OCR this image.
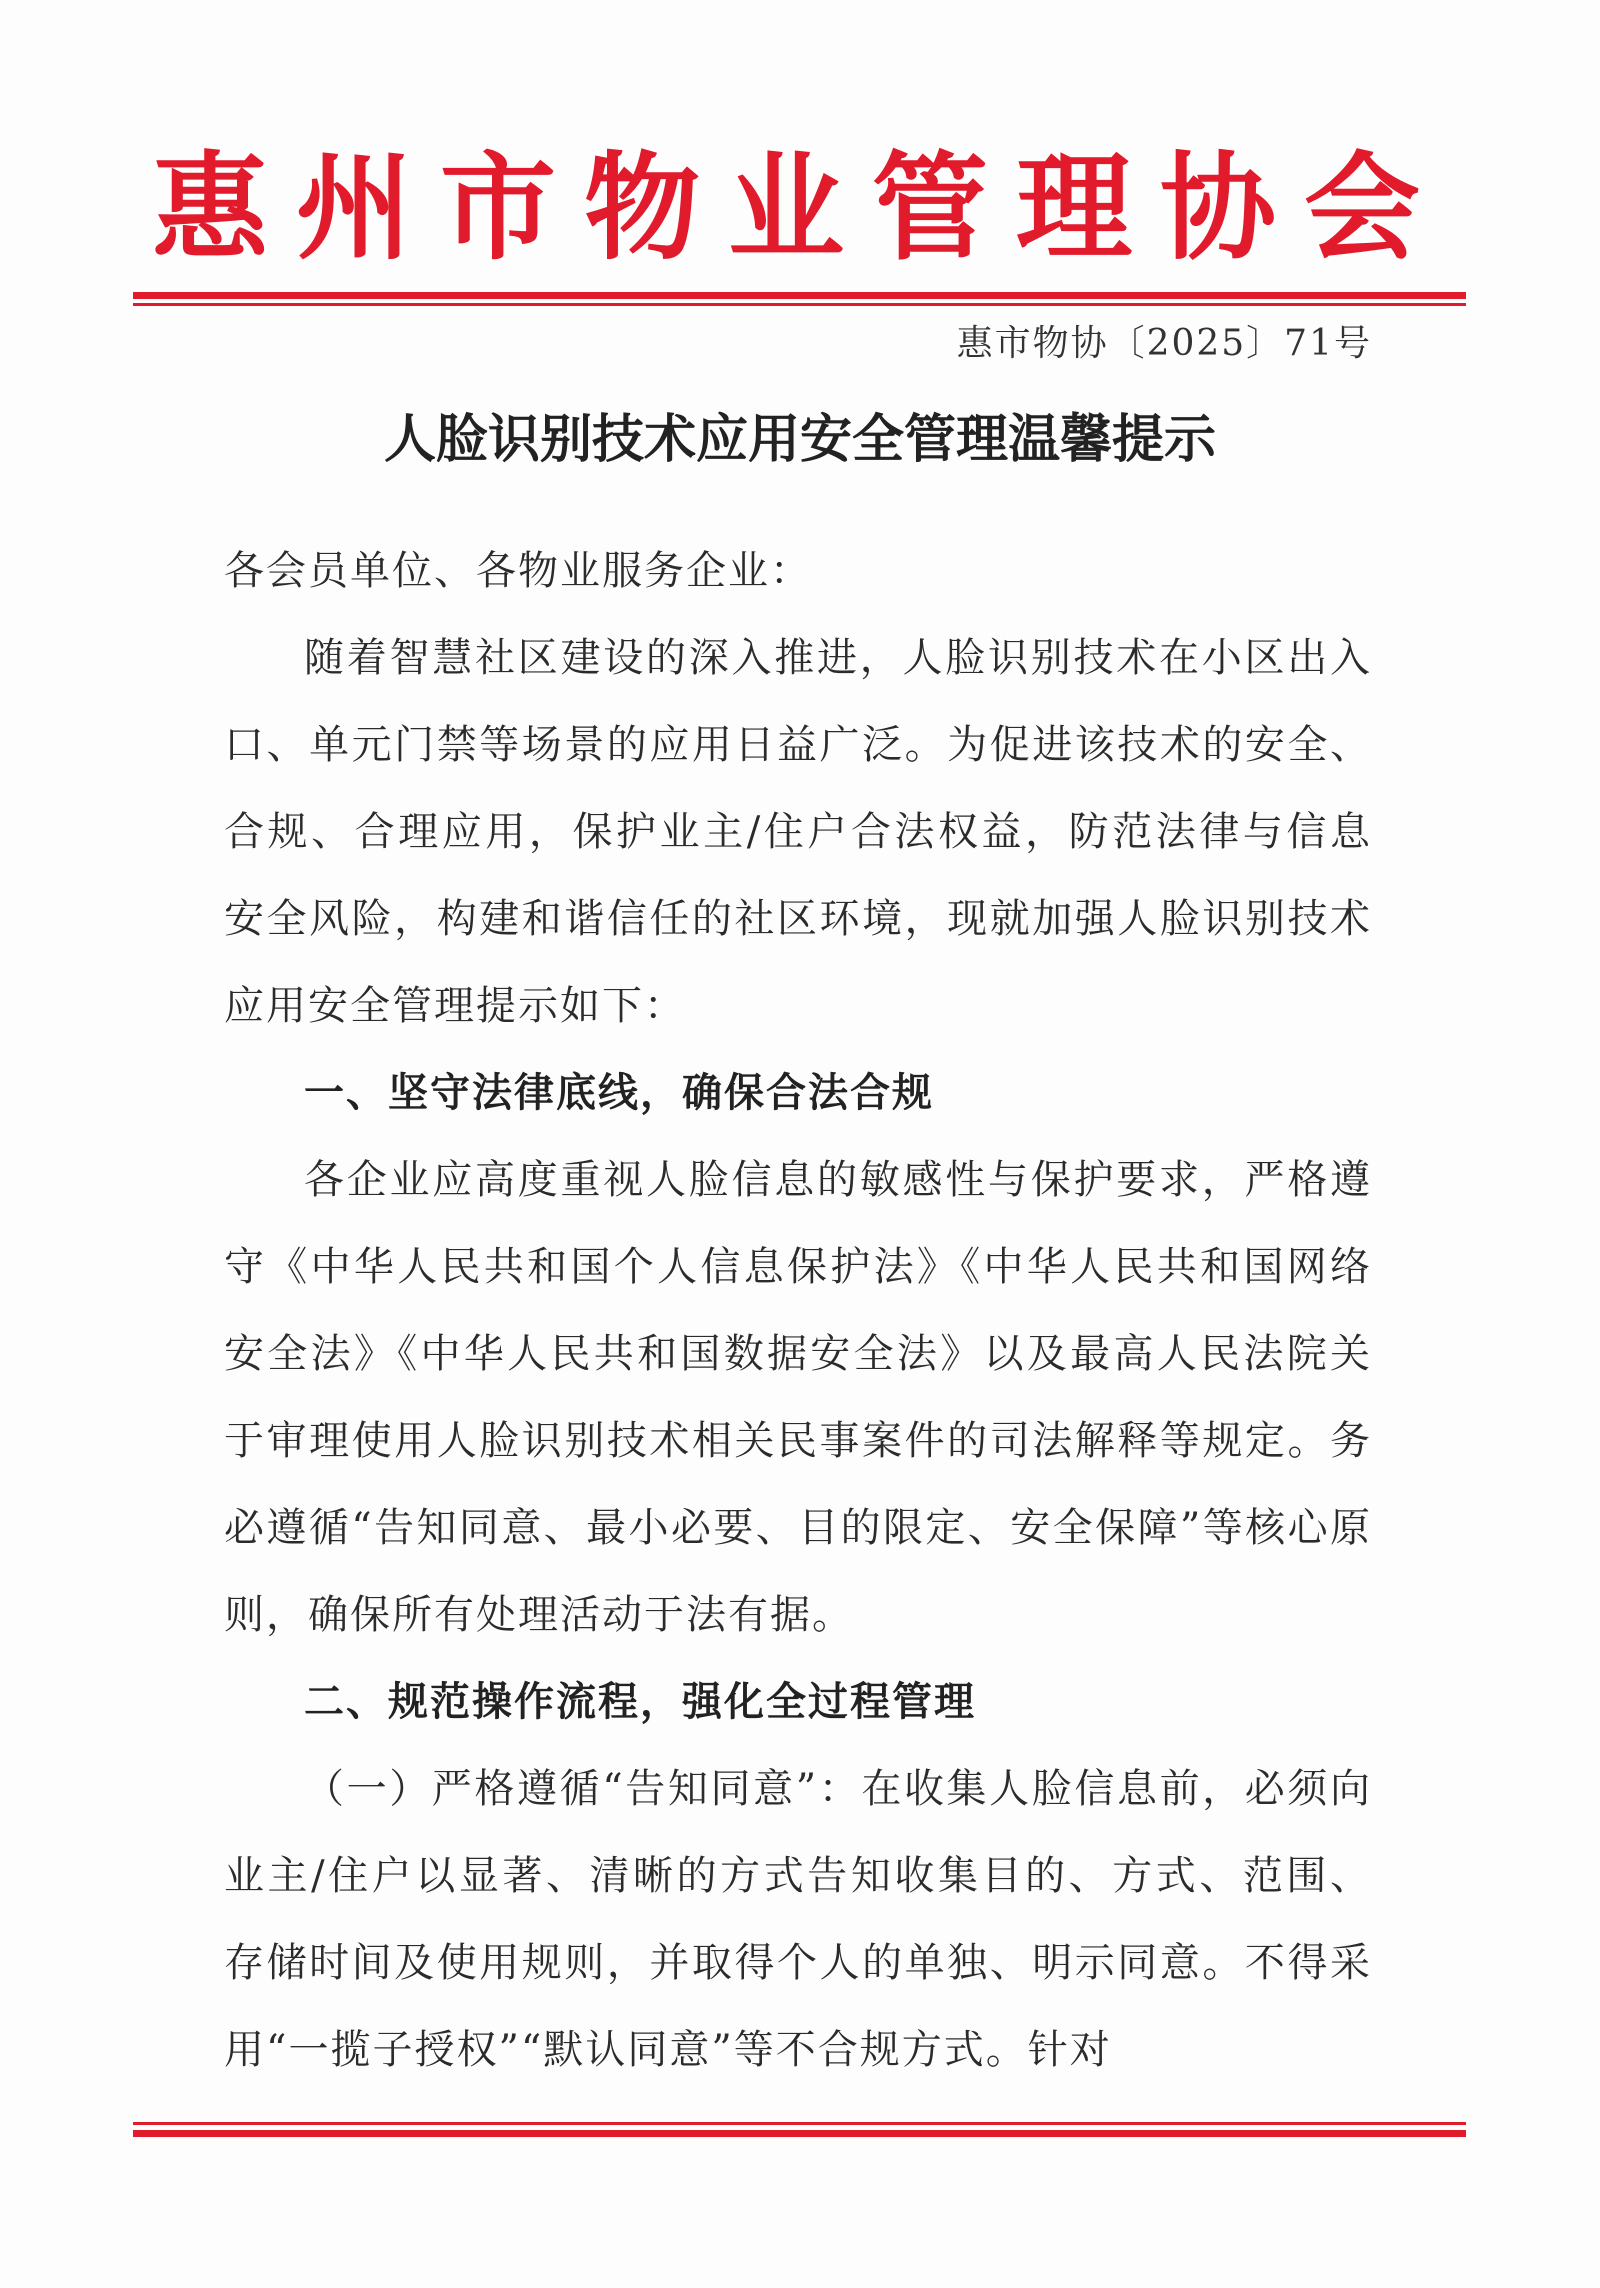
惠州市物业管理协会
惠市物协〔2025〕71号
人脸识别技术应用安全管理温馨提示

各会员单位、各物业服务企业：

随着智慧社区建设的深入推进，人脸识别技术在小区出入口、单元门禁等场景的应用日益广泛。为促进该技术的安全、合规、合理应用，保护业主/住户合法权益，防范法律与信息安全风险，构建和谐信任的社区环境，现就加强人脸识别技术应用安全管理提示如下：

一、坚守法律底线，确保合法合规

各企业应高度重视人脸信息的敏感性与保护要求，严格遵守《中华人民共和国个人信息保护法》《中华人民共和国网络安全法》《中华人民共和国数据安全法》以及最高人民法院关于审理使用人脸识别技术相关民事案件的司法解释等规定。务必遵循“告知同意、最小必要、目的限定、安全保障”等核心原则，确保所有处理活动于法有据。

二、规范操作流程，强化全过程管理

（一）严格遵循“告知同意”：在收集人脸信息前，必须向业主/住户以显著、清晰的方式告知收集目的、方式、范围、存储时间及使用规则，并取得个人的单独、明示同意。不得采用“一揽子授权”“默认同意”等不合规方式。针对
